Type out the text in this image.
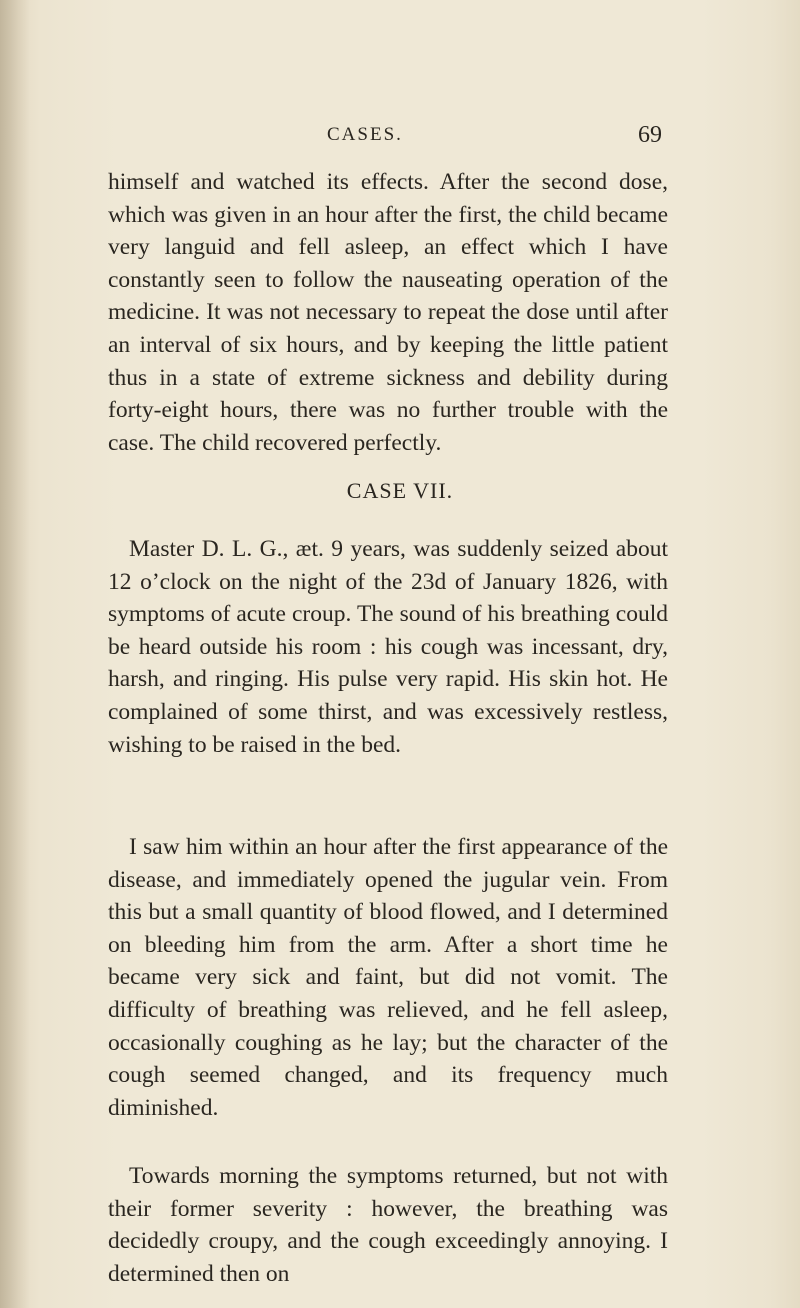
CASES.	69

himself and watched its effects. After the second dose, which was given in an hour after the first, the child became very languid and fell asleep, an effect which I have constantly seen to follow the nauseating operation of the medicine. It was not necessary to repeat the dose until after an interval of six hours, and by keeping the little patient thus in a state of extreme sickness and debility during forty-eight hours, there was no further trouble with the case. The child recovered perfectly.

CASE VII.

Master D. L. G., æt. 9 years, was suddenly seized about 12 o’clock on the night of the 23d of January 1826, with symptoms of acute croup. The sound of his breathing could be heard outside his room : his cough was incessant, dry, harsh, and ringing. His pulse very rapid. His skin hot. He complained of some thirst, and was excessively restless, wishing to be raised in the bed.

I saw him within an hour after the first appearance of the disease, and immediately opened the jugular vein. From this but a small quantity of blood flowed, and I determined on bleeding him from the arm. After a short time he became very sick and faint, but did not vomit. The difficulty of breathing was relieved, and he fell asleep, occasionally coughing as he lay; but the character of the cough seemed changed, and its frequency much diminished.

Towards morning the symptoms returned, but not with their former severity : however, the breathing was decidedly croupy, and the cough exceedingly annoying. I determined then on
